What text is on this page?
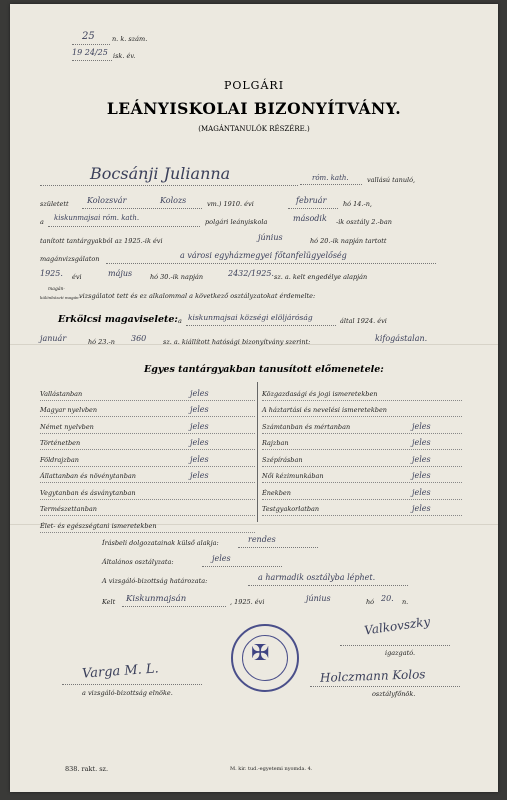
25	n. k. szám.
19 24/25 isk. év.
POLGÁRI
LEÁNYISKOLAI BIZONYÍTVÁNY.
(MAGÁNTANULÓK RÉSZÉRE.)
Bocsánji Julianna	róm. kath.	vallású tanuló,
született Kolozsvár	Kolozs	vm.) 1910. évi	február	hó 14.-n,
a kiskunmajsai róm. kath.	polgári leányiskola	második -ik osztály 2.-ban
tanított tantárgyakból az 1925.-ik évi	június	hó 20.-ik napján tartott
magánvizsgálaton	a városi egyházmegyei főtanfelügyelőség
1925. évi	május	hó 30.-ik napján	2432/1925. sz. a. kelt engedélye alapján
magán-
különbözeti magán- vizsgálatot tett és ez alkalommal a következő osztályzatokat érdemelte:
Erkölcsi magaviselete: a kiskunmajsai községi elöljáróság	által 1924. évi
január	hó 23.-n 360	sz. a. kiállított hatósági bizonyítvány szerint:	kifogástalan.
Egyes tantárgyakban tanusított előmenetele:
Vallástanban	jeles
Magyar nyelvben	jeles
Német nyelvben	jeles
Történetben	jeles
Földrajzban	jeles
Állattanban és növénytanban	jeles
Vegytanban és ásványtanban
Természettanban
Élet- és egészségtani ismeretekben
Közgazdasági és jogi ismeretekben
A háztartási és nevelési ismeretekben
Számtanban és mértanban	jeles
Rajzban	jeles
Szépírásban	jeles
Női kézimunkában	jeles
Énekben	jeles
Testgyakorlatban	jeles
Írásbeli dolgozatainak külső alakja:	rendes
Általános osztályzata:	jeles
A vizsgáló-bizottság határozata:	a harmadik osztályba léphet.
Kelt Kiskunmajsán	, 1925. évi	június	hó 20. n.
Valkovszky
igazgató.
Varga M. L.
a vizsgáló-bizottság elnöke.
✠
Holczmann Kolos
osztályfőnök.
838. rakt. sz.	M. kir. tud.-egyetemi nyomda. 4.
